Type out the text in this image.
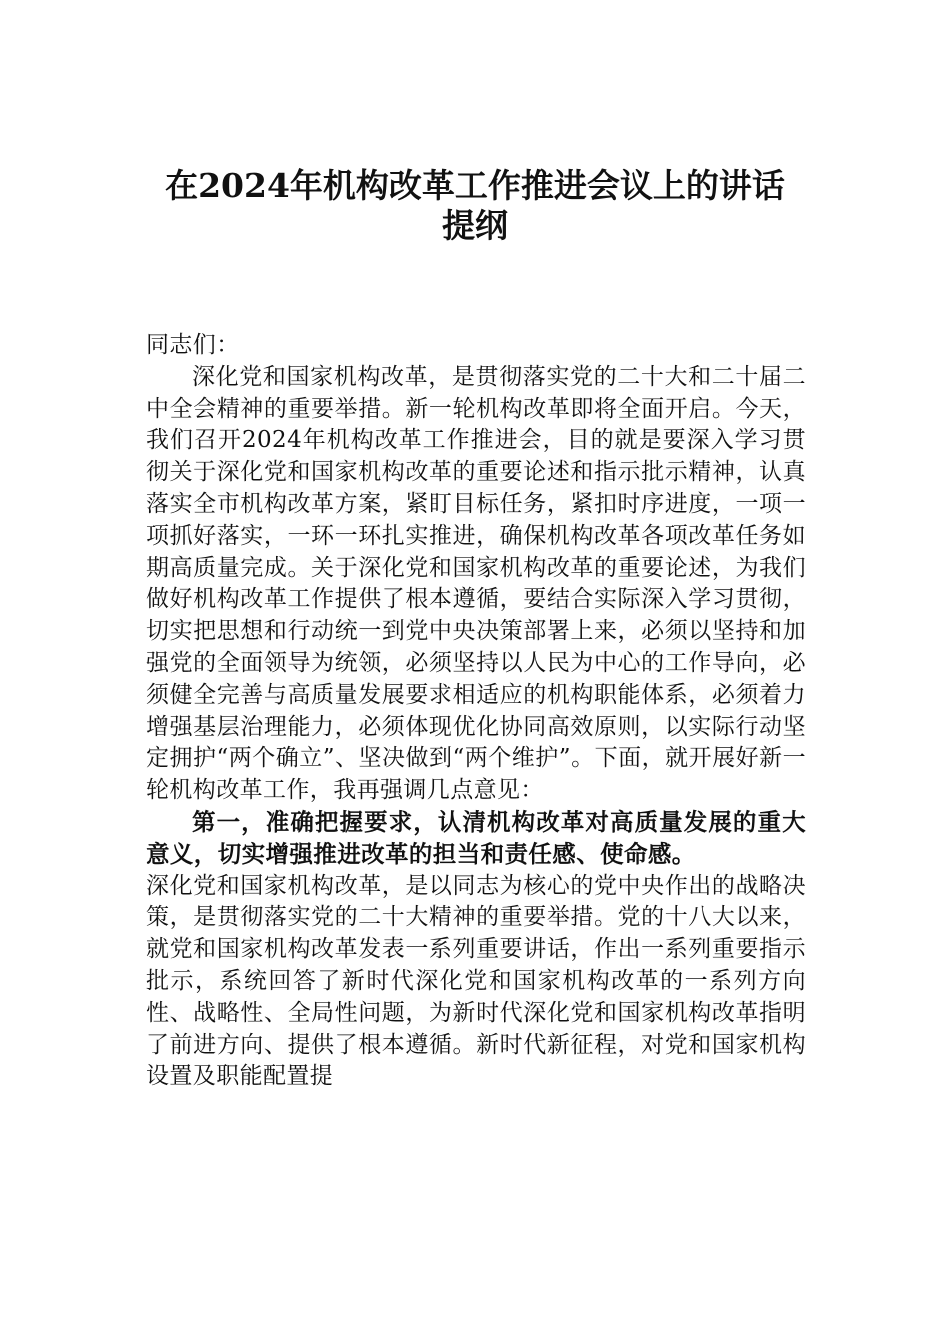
在2024年机构改革工作推进会议上的讲话
提纲

同志们：

深化党和国家机构改革，是贯彻落实党的二十大和二十届二中全会精神的重要举措。新一轮机构改革即将全面开启。今天，我们召开2024年机构改革工作推进会，目的就是要深入学习贯彻关于深化党和国家机构改革的重要论述和指示批示精神，认真落实全市机构改革方案，紧盯目标任务，紧扣时序进度，一项一项抓好落实，一环一环扎实推进，确保机构改革各项改革任务如期高质量完成。关于深化党和国家机构改革的重要论述，为我们做好机构改革工作提供了根本遵循，要结合实际深入学习贯彻，切实把思想和行动统一到党中央决策部署上来，必须以坚持和加强党的全面领导为统领，必须坚持以人民为中心的工作导向，必须健全完善与高质量发展要求相适应的机构职能体系，必须着力增强基层治理能力，必须体现优化协同高效原则，以实际行动坚定拥护“两个确立”、坚决做到“两个维护”。下面，就开展好新一轮机构改革工作，我再强调几点意见：

第一，准确把握要求，认清机构改革对高质量发展的重大意义，切实增强推进改革的担当和责任感、使命感。

深化党和国家机构改革，是以同志为核心的党中央作出的战略决策，是贯彻落实党的二十大精神的重要举措。党的十八大以来，就党和国家机构改革发表一系列重要讲话，作出一系列重要指示批示，系统回答了新时代深化党和国家机构改革的一系列方向性、战略性、全局性问题，为新时代深化党和国家机构改革指明了前进方向、提供了根本遵循。新时代新征程，对党和国家机构设置及职能配置提
